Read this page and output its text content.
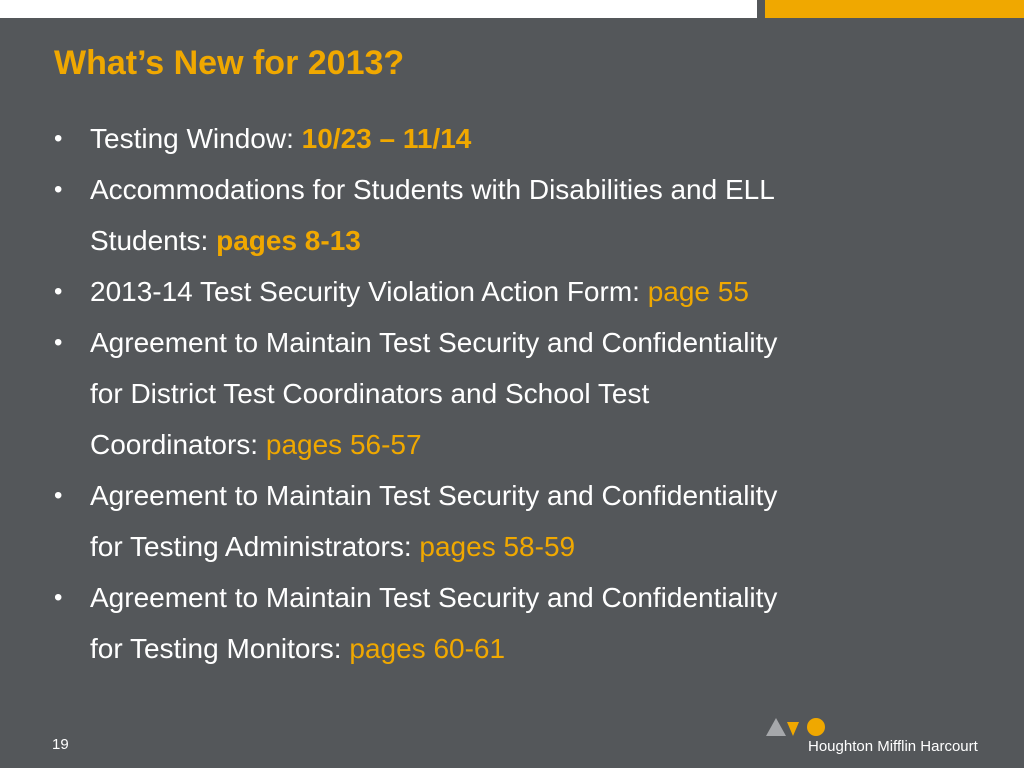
What’s New for 2013?
• Testing Window: 10/23 – 11/14
• Accommodations for Students with Disabilities and ELL
Students: pages 8-13
• 2013-14 Test Security Violation Action Form: page 55
• Agreement to Maintain Test Security and Confidentiality
for District Test Coordinators and School Test
Coordinators: pages 56-57
• Agreement to Maintain Test Security and Confidentiality
for Testing Administrators: pages 58-59
• Agreement to Maintain Test Security and Confidentiality
for Testing Monitors: pages 60-61
19	Houghton Mifflin Harcourt
